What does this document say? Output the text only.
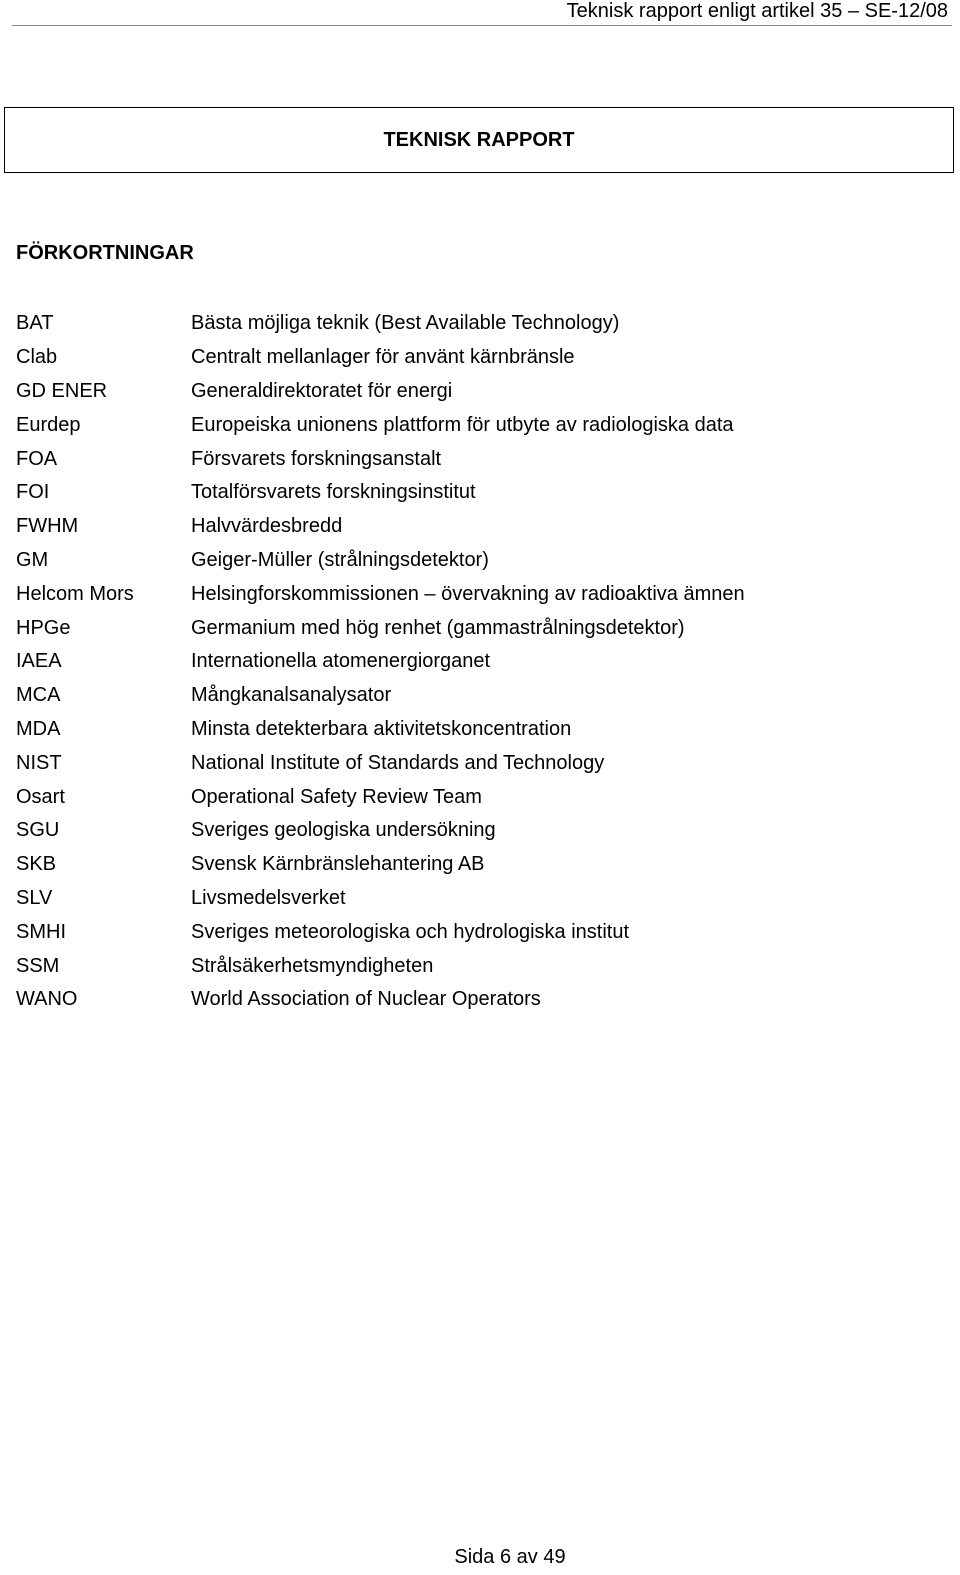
Teknisk rapport enligt artikel 35 – SE-12/08
TEKNISK RAPPORT
FÖRKORTNINGAR
BAT	Bästa möjliga teknik (Best Available Technology)
Clab	Centralt mellanlager för använt kärnbränsle
GD ENER	Generaldirektoratet för energi
Eurdep	Europeiska unionens plattform för utbyte av radiologiska data
FOA	Försvarets forskningsanstalt
FOI	Totalförsvarets forskningsinstitut
FWHM	Halvvärdesbredd
GM	Geiger-Müller (strålningsdetektor)
Helcom Mors	Helsingforskommissionen – övervakning av radioaktiva ämnen
HPGe	Germanium med hög renhet (gammastrålningsdetektor)
IAEA	Internationella atomenergiorganet
MCA	Mångkanalsanalysator
MDA	Minsta detekterbara aktivitetskoncentration
NIST	National Institute of Standards and Technology
Osart	Operational Safety Review Team
SGU	Sveriges geologiska undersökning
SKB	Svensk Kärnbränslehantering AB
SLV	Livsmedelsverket
SMHI	Sveriges meteorologiska och hydrologiska institut
SSM	Strålsäkerhetsmyndigheten
WANO	World Association of Nuclear Operators
Sida 6 av 49
